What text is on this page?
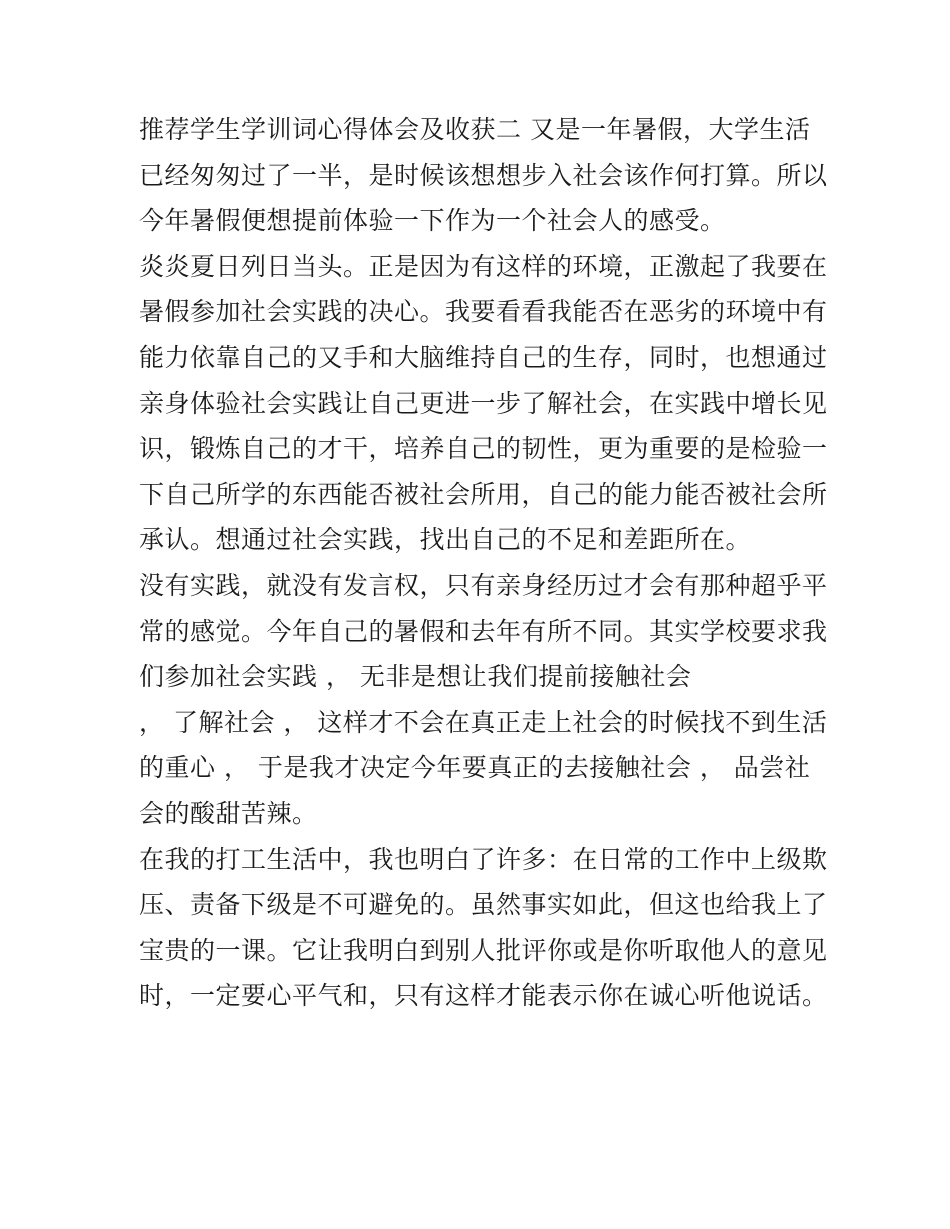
推荐学生学训词心得体会及收获二 又是一年暑假，大学生活
已经匆匆过了一半，是时候该想想步入社会该作何打算。所以
今年暑假便想提前体验一下作为一个社会人的感受。
炎炎夏日列日当头。正是因为有这样的环境，正激起了我要在
暑假参加社会实践的决心。我要看看我能否在恶劣的环境中有
能力依靠自己的又手和大脑维持自己的生存，同时，也想通过
亲身体验社会实践让自己更进一步了解社会，在实践中增长见
识，锻炼自己的才干，培养自己的韧性，更为重要的是检验一
下自己所学的东西能否被社会所用，自己的能力能否被社会所
承认。想通过社会实践，找出自己的不足和差距所在。
没有实践，就没有发言权，只有亲身经历过才会有那种超乎平
常的感觉。今年自己的暑假和去年有所不同。其实学校要求我
们参加社会实践 ， 无非是想让我们提前接触社会
， 了解社会 ， 这样才不会在真正走上社会的时候找不到生活
的重心 ， 于是我才决定今年要真正的去接触社会 ， 品尝社
会的酸甜苦辣。
在我的打工生活中，我也明白了许多：在日常的工作中上级欺
压、责备下级是不可避免的。虽然事实如此，但这也给我上了
宝贵的一课。它让我明白到别人批评你或是你听取他人的意见
时，一定要心平气和，只有这样才能表示你在诚心听他说话。
